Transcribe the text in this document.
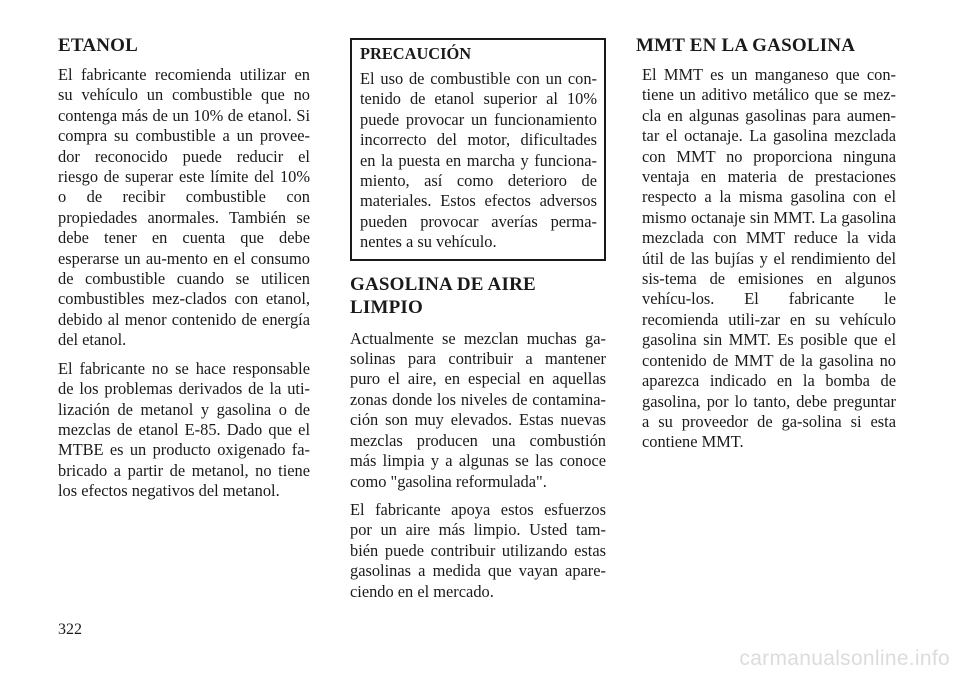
ETANOL

El fabricante recomienda utilizar en su vehículo un combustible que no contenga más de un 10% de etanol. Si compra su combustible a un provee-dor reconocido puede reducir el riesgo de superar este límite del 10% o de recibir combustible con propiedades anormales. También se debe tener en cuenta que debe esperarse un au-mento en el consumo de combustible cuando se utilicen combustibles mez-clados con etanol, debido al menor contenido de energía del etanol.

El fabricante no se hace responsable de los problemas derivados de la uti-lización de metanol y gasolina o de mezclas de etanol E-85. Dado que el MTBE es un producto oxigenado fa-bricado a partir de metanol, no tiene los efectos negativos del metanol.

PRECAUCIÓN

El uso de combustible con un con-tenido de etanol superior al 10% puede provocar un funcionamiento incorrecto del motor, dificultades en la puesta en marcha y funciona-miento, así como deterioro de materiales. Estos efectos adversos pueden provocar averías perma-nentes a su vehículo.

GASOLINA DE AIRE LIMPIO

Actualmente se mezclan muchas ga-solinas para contribuir a mantener puro el aire, en especial en aquellas zonas donde los niveles de contamina-ción son muy elevados. Estas nuevas mezclas producen una combustión más limpia y a algunas se las conoce como "gasolina reformulada".

El fabricante apoya estos esfuerzos por un aire más limpio. Usted tam-bién puede contribuir utilizando estas gasolinas a medida que vayan apare-ciendo en el mercado.

MMT EN LA GASOLINA

El MMT es un manganeso que con-tiene un aditivo metálico que se mez-cla en algunas gasolinas para aumen-tar el octanaje. La gasolina mezclada con MMT no proporciona ninguna ventaja en materia de prestaciones respecto a la misma gasolina con el mismo octanaje sin MMT. La gasolina mezclada con MMT reduce la vida útil de las bujías y el rendimiento del sis-tema de emisiones en algunos vehícu-los. El fabricante le recomienda utili-zar en su vehículo gasolina sin MMT. Es posible que el contenido de MMT de la gasolina no aparezca indicado en la bomba de gasolina, por lo tanto, debe preguntar a su proveedor de ga-solina si esta contiene MMT.

322
carmanualsonline.info
